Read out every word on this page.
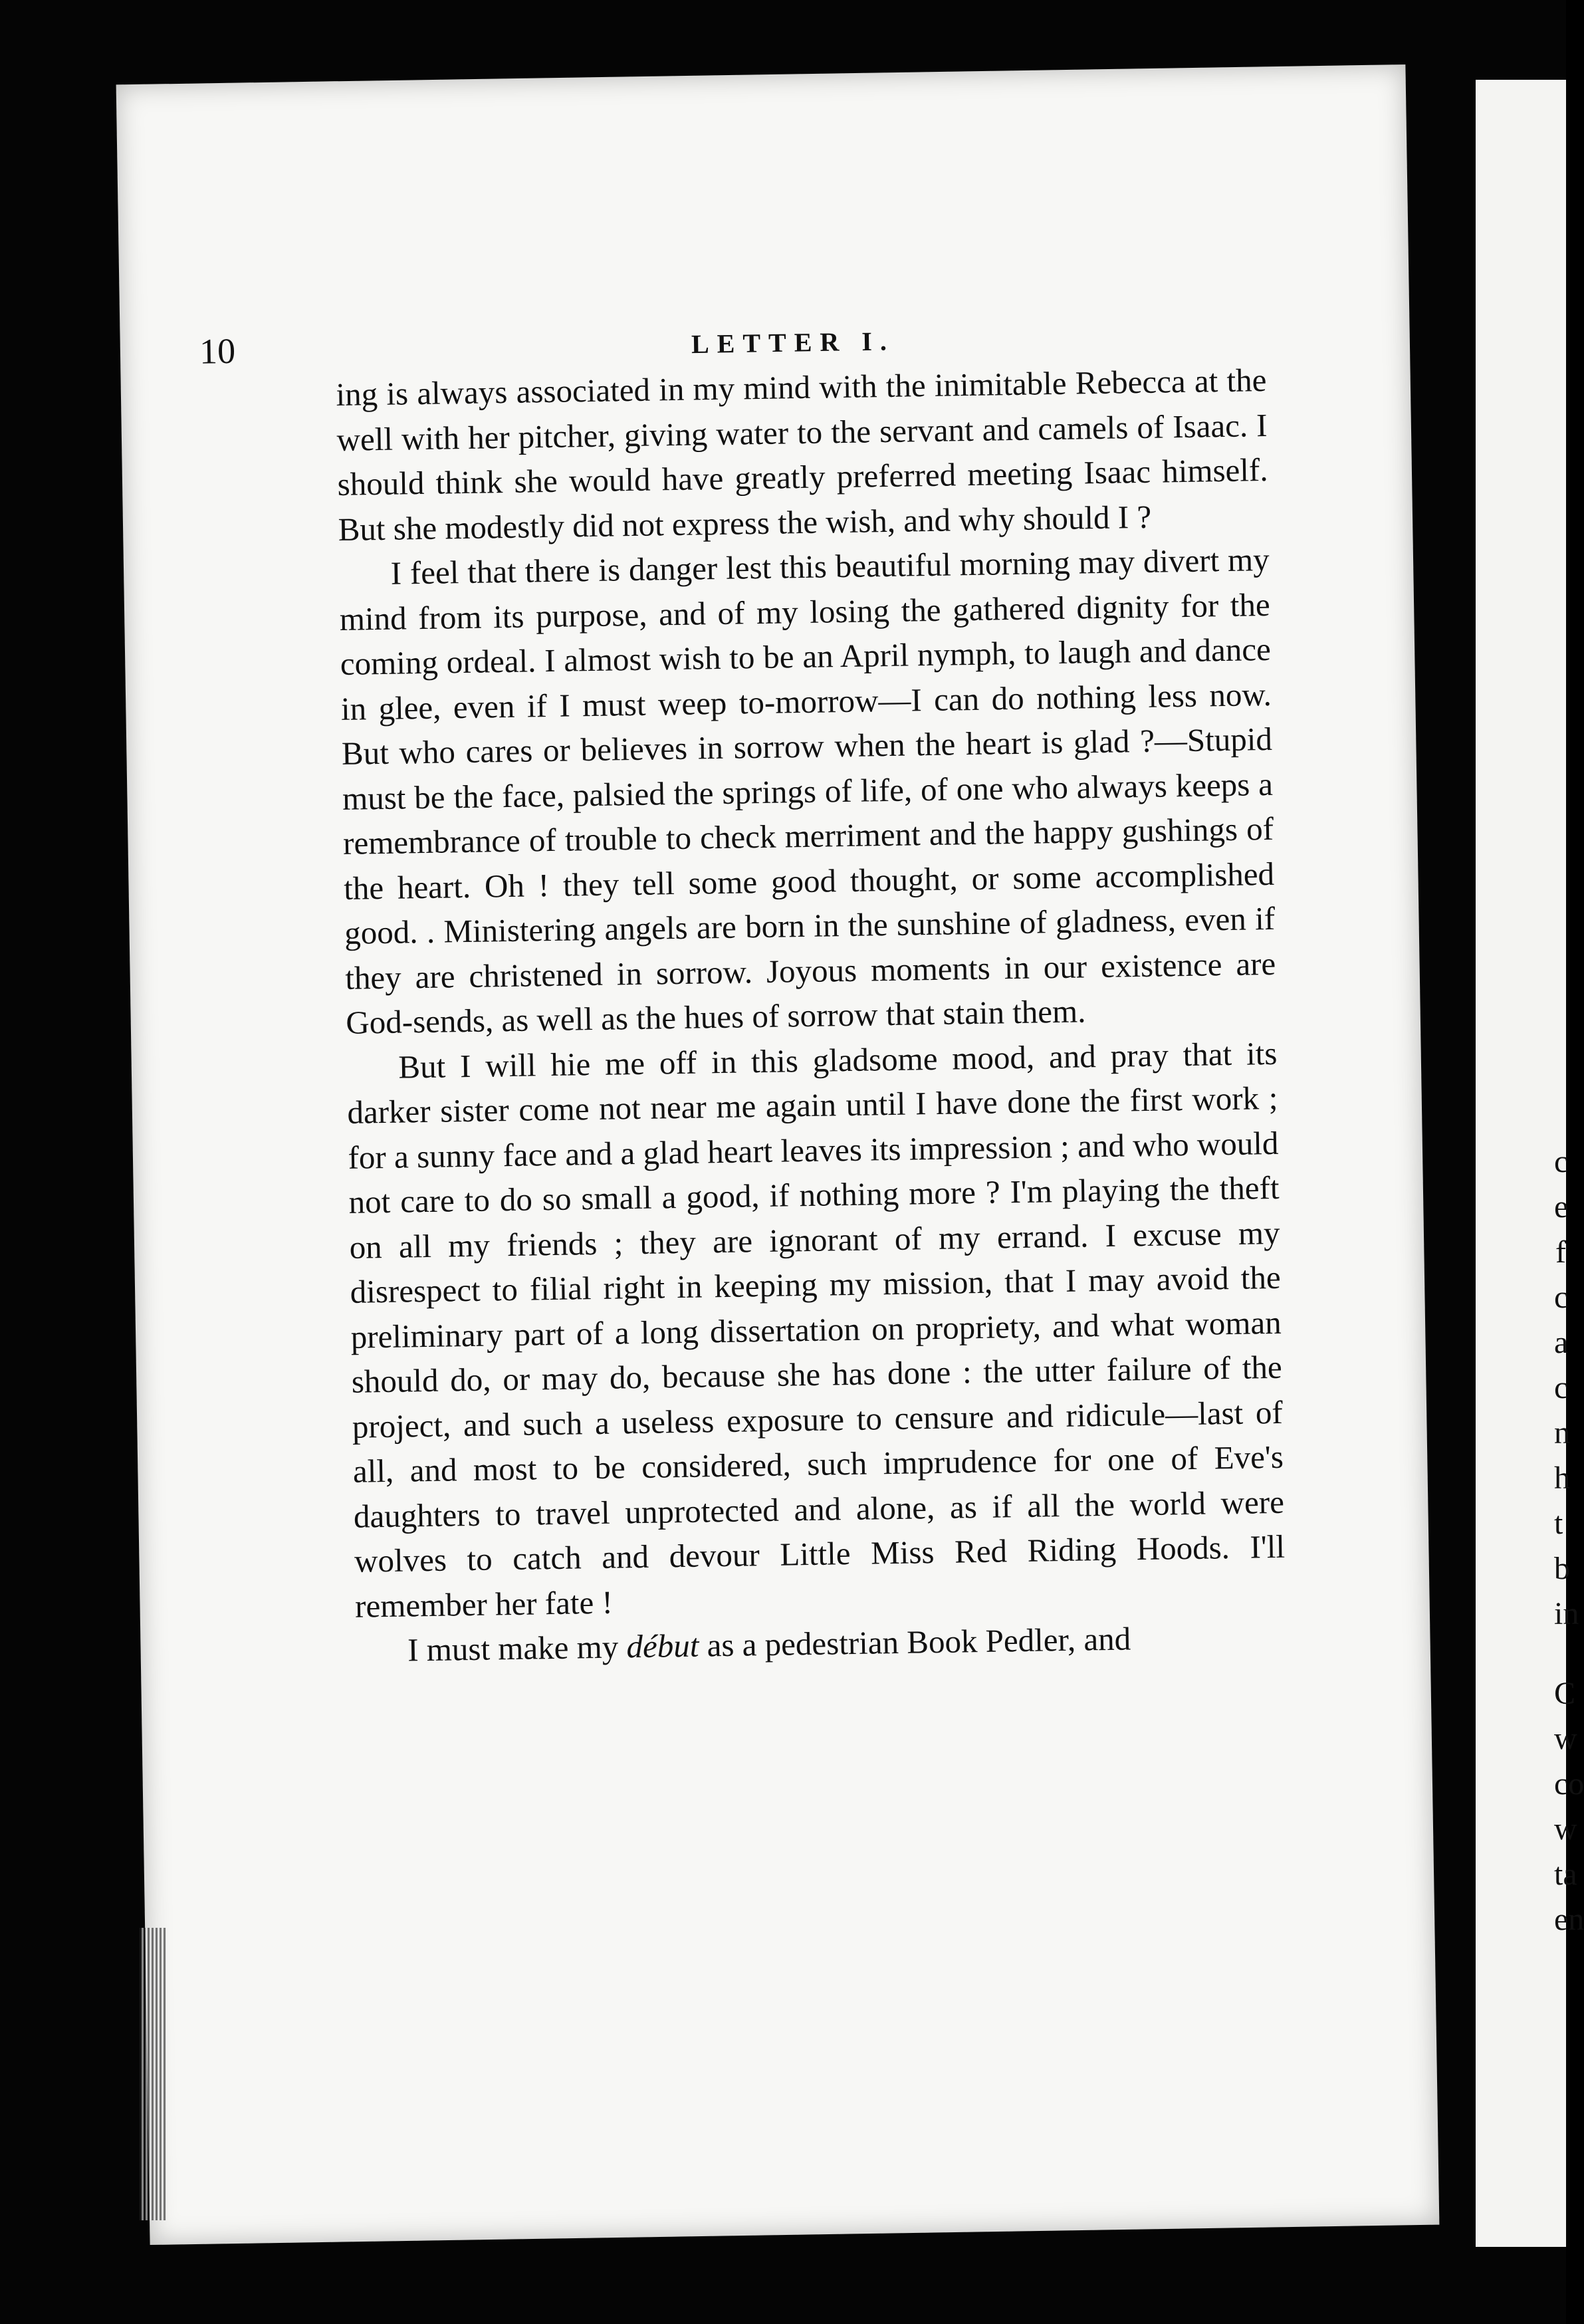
c
e
f
c
a
c
n
h
t
b
in
C
w
co
w
ta
en
10	LETTER I.

ing is always associated in my mind with the inimitable Rebecca at the well with her pitcher, giving water to the servant and camels of Isaac. I should think she would have greatly preferred meeting Isaac himself. But she modestly did not express the wish, and why should I ?

I feel that there is danger lest this beautiful morning may divert my mind from its purpose, and of my losing the gathered dignity for the coming ordeal. I almost wish to be an April nymph, to laugh and dance in glee, even if I must weep to-morrow—I can do nothing less now. But who cares or believes in sorrow when the heart is glad ?—Stupid must be the face, palsied the springs of life, of one who always keeps a remembrance of trouble to check merriment and the happy gushings of the heart. Oh ! they tell some good thought, or some accomplished good. . Ministering angels are born in the sunshine of gladness, even if they are christened in sorrow. Joyous moments in our existence are God-sends, as well as the hues of sorrow that stain them.

But I will hie me off in this gladsome mood, and pray that its darker sister come not near me again until I have done the first work ; for a sunny face and a glad heart leaves its impression ; and who would not care to do so small a good, if nothing more ? I'm playing the theft on all my friends ; they are ignorant of my errand. I excuse my disrespect to filial right in keeping my mission, that I may avoid the preliminary part of a long dissertation on propriety, and what woman should do, or may do, because she has done : the utter failure of the project, and such a useless exposure to censure and ridicule—last of all, and most to be considered, such imprudence for one of Eve's daughters to travel unprotected and alone, as if all the world were wolves to catch and devour Little Miss Red Riding Hoods. I'll remember her fate !

I must make my début as a pedestrian Book Pedler, and
